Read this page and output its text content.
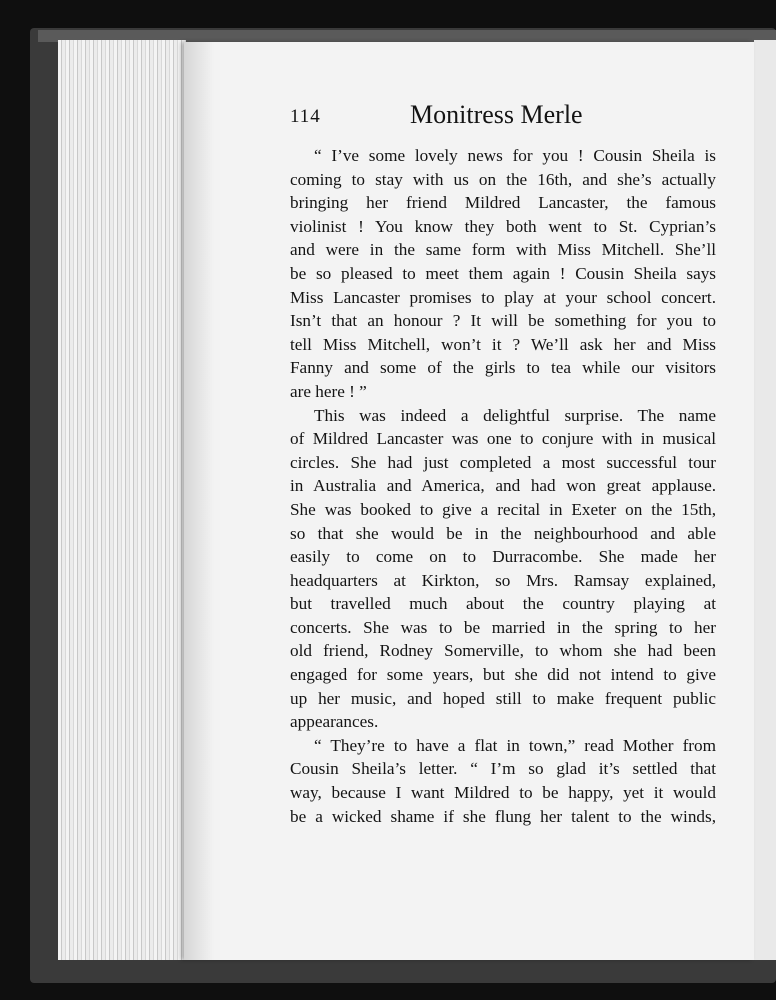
114	Monitress Merle
“ I’ve some lovely news for you ! Cousin Sheila is
coming to stay with us on the 16th, and she’s actually
bringing her friend Mildred Lancaster, the famous
violinist ! You know they both went to St. Cyprian’s
and were in the same form with Miss Mitchell. She’ll
be so pleased to meet them again ! Cousin Sheila says
Miss Lancaster promises to play at your school concert.
Isn’t that an honour ? It will be something for you to
tell Miss Mitchell, won’t it ? We’ll ask her and Miss
Fanny and some of the girls to tea while our visitors
are here ! ”
This was indeed a delightful surprise. The name
of Mildred Lancaster was one to conjure with in musical
circles. She had just completed a most successful tour
in Australia and America, and had won great applause.
She was booked to give a recital in Exeter on the 15th,
so that she would be in the neighbourhood and able
easily to come on to Durracombe. She made her
headquarters at Kirkton, so Mrs. Ramsay explained,
but travelled much about the country playing at
concerts. She was to be married in the spring to her
old friend, Rodney Somerville, to whom she had been
engaged for some years, but she did not intend to give
up her music, and hoped still to make frequent public
appearances.
“ They’re to have a flat in town,” read Mother from
Cousin Sheila’s letter. “ I’m so glad it’s settled that
way, because I want Mildred to be happy, yet it would
be a wicked shame if she flung her talent to the winds,
